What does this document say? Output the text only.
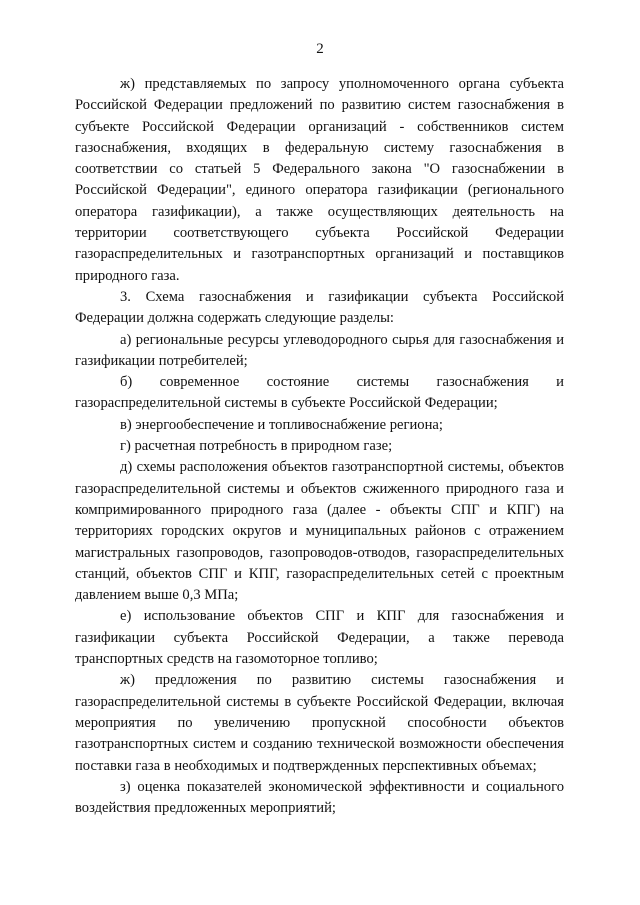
2

ж) представляемых по запросу уполномоченного органа субъекта Российской Федерации предложений по развитию систем газоснабжения в субъекте Российской Федерации организаций - собственников систем газоснабжения, входящих в федеральную систему газоснабжения в соответствии со статьей 5 Федерального закона "О газоснабжении в Российской Федерации", единого оператора газификации (регионального оператора газификации), а также осуществляющих деятельность на территории соответствующего субъекта Российской Федерации газораспределительных и газотранспортных организаций и поставщиков природного газа.

3. Схема газоснабжения и газификации субъекта Российской Федерации должна содержать следующие разделы:

а) региональные ресурсы углеводородного сырья для газоснабжения и газификации потребителей;

б) современное состояние системы газоснабжения и газораспределительной системы в субъекте Российской Федерации;

в) энергообеспечение и топливоснабжение региона;

г) расчетная потребность в природном газе;

д) схемы расположения объектов газотранспортной системы, объектов газораспределительной системы и объектов сжиженного природного газа и компримированного природного газа (далее - объекты СПГ и КПГ) на территориях городских округов и муниципальных районов с отражением магистральных газопроводов, газопроводов-отводов, газораспределительных станций, объектов СПГ и КПГ, газораспределительных сетей с проектным давлением выше 0,3 МПа;

е) использование объектов СПГ и КПГ для газоснабжения и газификации субъекта Российской Федерации, а также перевода транспортных средств на газомоторное топливо;

ж) предложения по развитию системы газоснабжения и газораспределительной системы в субъекте Российской Федерации, включая мероприятия по увеличению пропускной способности объектов газотранспортных систем и созданию технической возможности обеспечения поставки газа в необходимых и подтвержденных перспективных объемах;

з) оценка показателей экономической эффективности и социального воздействия предложенных мероприятий;
